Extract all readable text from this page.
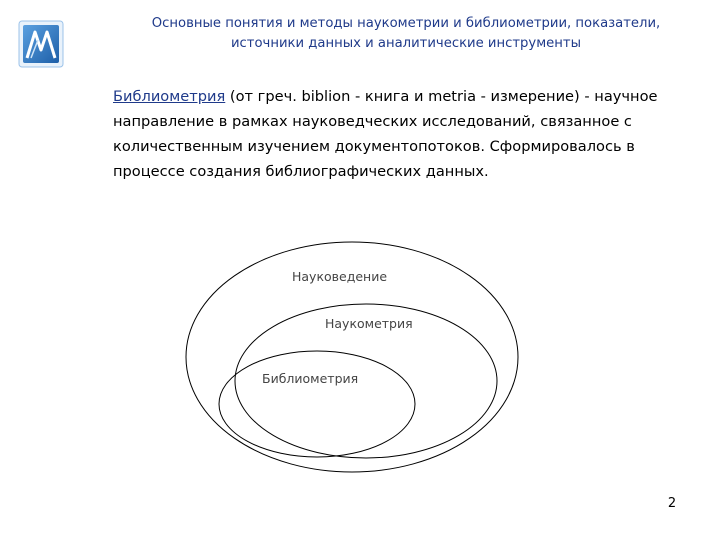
Основные понятия и методы наукометрии и библиометрии, показатели,
источники данных и аналитические инструменты
Библиометрия (от греч. biblion - книга и metria - измерение) - научное направление в рамках науковедческих исследований, связанное с количественным изучением документопотоков. Сформировалось в процессе создания библиографических данных.
Науковедение
Наукометрия
Библиометрия
2
